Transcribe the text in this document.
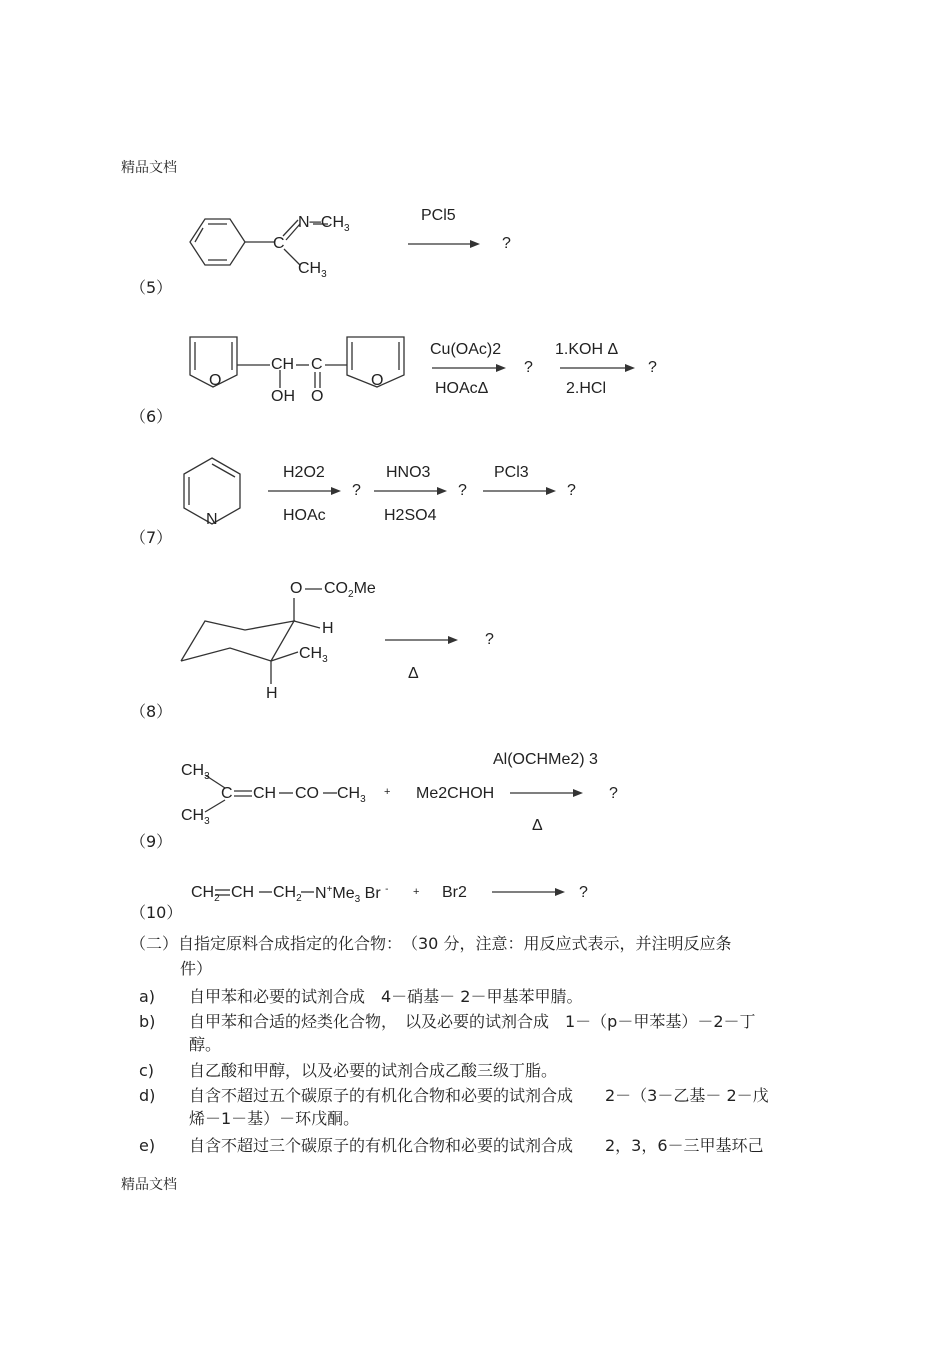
精品文档
精品文档
（5）
$N─CH_3$
C
$CH_3$
PCl5
?
（6）
O	O
CH C
OH O
Cu(OAc)2
HOAcΔ
?
1.KOH Δ
2.HCl
?
（7）
N
H2O2
HOAc
?
HNO3
H2SO4
?
PCl3
?
（8）
O $CO_2Me$
H
$CH_3$
H
Δ
?
（9）
$CH_3$
$CH_3$
C CH CO $CH_3$
+ Me2CHOH
Al(OCHMe2) 3
Δ
?
（10）
$CH_2$ CH $CH_2$ $N^+Me_3$ Br - + Br2	?
（二）自指定原料合成指定的化合物：　（30 分，注意：用反应式表示，并注明反应条
件）
a) 自甲苯和必要的试剂合成　4－硝基－ 2－甲基苯甲腈。
b) 自甲苯和合适的烃类化合物，　以及必要的试剂合成　1－（p－甲苯基）－2－丁
醇。
c) 自乙酸和甲醇，以及必要的试剂合成乙酸三级丁脂。
d) 自含不超过五个碳原子的有机化合物和必要的试剂合成　　2－（3－乙基－ 2－戊
烯－1－基）－环戊酮。
e) 自含不超过三个碳原子的有机化合物和必要的试剂合成　　2，3，6－三甲基环己
